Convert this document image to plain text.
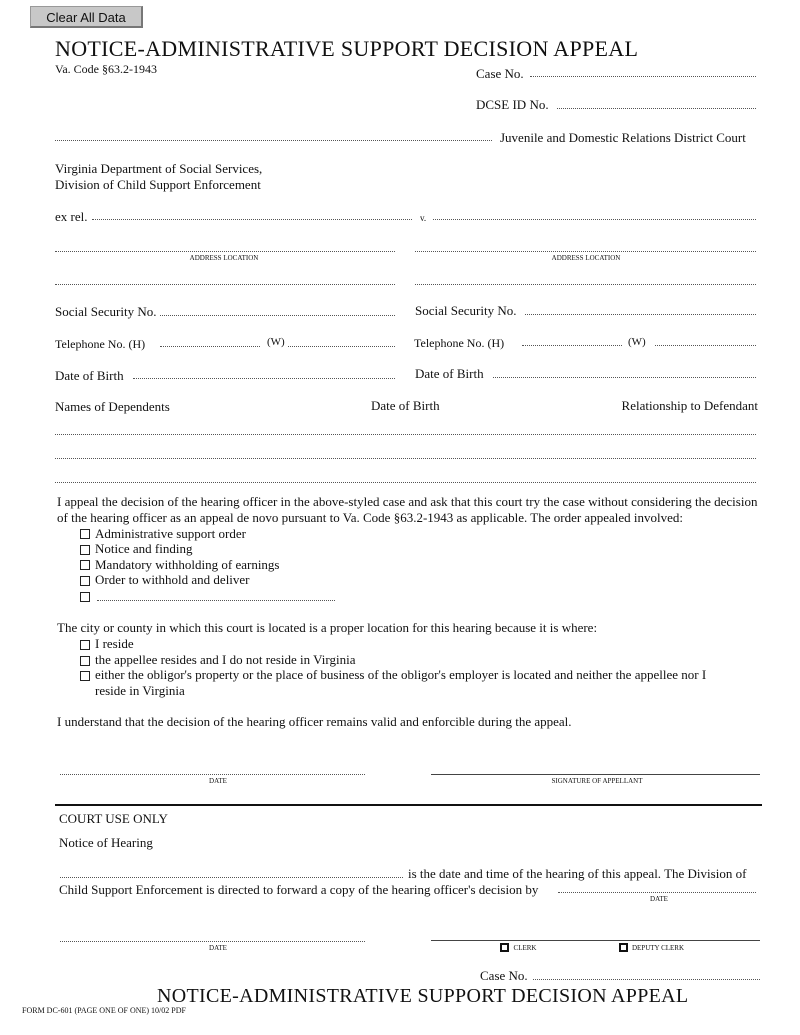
Clear All Data
NOTICE-ADMINISTRATIVE SUPPORT DECISION APPEAL
Va. Code §63.2-1943	Case No.
DCSE ID No.
Juvenile and Domestic Relations District Court
Virginia Department of Social Services,
Division of Child Support Enforcement
ex rel.	v.
ADDRESS LOCATION	ADDRESS LOCATION
Social Security No.	Social Security No.
Telephone No. (H)	(W)	Telephone No. (H)	(W)
Date of Birth	Date of Birth
Names of Dependents	Date of Birth	Relationship to Defendant
I appeal the decision of the hearing officer in the above-styled case and ask that this court try the case without considering the decision of the hearing officer as an appeal de novo pursuant to Va. Code §63.2-1943 as applicable. The order appealed involved:
Administrative support order
Notice and finding
Mandatory withholding of earnings
Order to withhold and deliver
The city or county in which this court is located is a proper location for this hearing because it is where:
I reside
the appellee resides and I do not reside in Virginia
either the obligor's property or the place of business of the obligor's employer is located and neither the appellee nor I reside in Virginia
I understand that the decision of the hearing officer remains valid and enforcible during the appeal.
DATE	SIGNATURE OF APPELLANT
COURT USE ONLY
Notice of Hearing
is the date and time of the hearing of this appeal. The Division of
Child Support Enforcement is directed to forward a copy of the hearing officer's decision by
DATE
DATE	CLERK	DEPUTY CLERK
Case No.
NOTICE-ADMINISTRATIVE SUPPORT DECISION APPEAL
FORM DC-601 (PAGE ONE OF ONE) 10/02 PDF
